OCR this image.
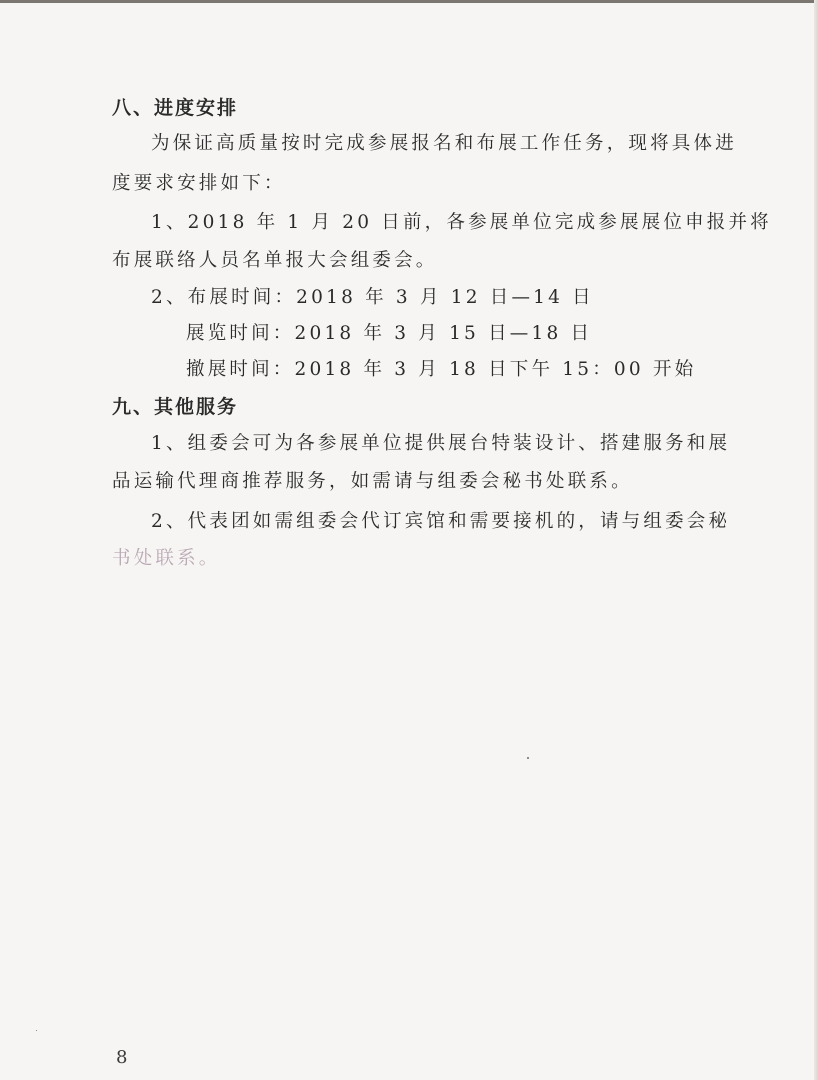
八、进度安排
为保证高质量按时完成参展报名和布展工作任务，现将具体进
度要求安排如下：
1、2018 年 1 月 20 日前，各参展单位完成参展展位申报并将
布展联络人员名单报大会组委会。
2、布展时间：2018 年 3 月 12 日—14 日
展览时间：2018 年 3 月 15 日—18 日
撤展时间：2018 年 3 月 18 日下午 15：00 开始
九、其他服务
1、组委会可为各参展单位提供展台特装设计、搭建服务和展
品运输代理商推荐服务，如需请与组委会秘书处联系。
2、代表团如需组委会代订宾馆和需要接机的，请与组委会秘
书处联系。
8
